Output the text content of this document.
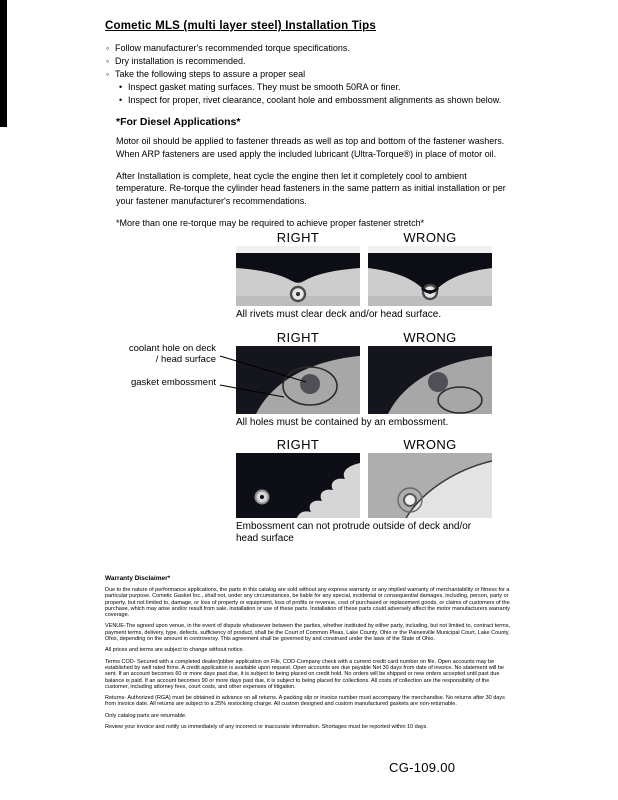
Cometic MLS (multi layer steel) Installation Tips
◦ Follow manufacturer's recommended torque specifications.
◦ Dry installation is recommended.
◦ Take the following steps to assure a proper seal
• Inspect gasket mating surfaces. They must be smooth 50RA or finer.
• Inspect for proper, rivet clearance, coolant hole and embossment alignments as shown below.
*For Diesel Applications*

Motor oil should be applied to fastener threads as well as top and bottom of the fastener washers. When ARP fasteners are used apply the included lubricant (Ultra-Torque®) in place of motor oil.

After Installation is complete, heat cycle the engine then let it completely cool to ambient temperature. Re-torque the cylinder head fasteners in the same pattern as initial installation or per your fastener manufacturer's recommendations.

*More than one re-torque may be required to achieve proper fastener stretch*

RIGHT	WRONG
All rivets must clear deck and/or head surface.
RIGHT	WRONG
All holes must be contained by an embossment.
RIGHT	WRONG
Embossment can not protrude outside of deck and/or head surface
coolant hole on deck / head surface
gasket embossment
Warranty Disclaimer*

Due to the nature of performance applications, the parts in this catalog are sold without any express warranty or any implied warranty of merchantability or fitness for a particular purpose. Cometic Gasket Inc., shall not, under any circumstances, be liable for any special, incidental or consequential damages, including, person, party or property, but not limited to, damage, or loss of property or equipment, loss of profits or revenue, cost of purchased or replacement goods, or claims of customers of the purchase, which may arise and/or result from sale, installation or use of these parts. Installation of these parts could adversely affect the motor manufacturers warranty coverage.

VENUE-The agreed upon venue, in the event of dispute whatsoever between the parties, whether instituted by either party, including, but not limited to, contract terms, payment terms, delivery, type, defects, sufficiency of product, shall be the Court of Common Pleas, Lake County, Ohio or the Painesville Municipal Court, Lake County, Ohio, depending on the amount in controversy. This agreement shall be governed by and construed under the laws of the State of Ohio.

All prices and terms are subject to change without notice.

Terms COD- Secured with a completed dealer/jobber application on File, COD-Company check with a current credit card number on file. Open accounts may be established by well rated firms. A credit application is available upon request. Open accounts are due payable Net 30 days from date of invoice. No statement will be sent. If an account becomes 60 or more days past due, it is subject to being placed on credit hold. No orders will be shipped or new orders accepted until past due balance is paid. If an account becomes 90 or more days past due, it is subject to being placed for collections. All costs of collection are the responsibility of the customer, including attorney fees, court costs, and other expenses of litigation.

Returns- Authorized (RGA) must be obtained in advance on all returns. A packing slip or invoice number must accompany the merchandise. No returns after 30 days from invoice date. All returns are subject to a 25% restocking charge. All custom designed and custom manufactured gaskets are non-returnable.

Only catalog parts are returnable.

Review your invoice and notify us immediately of any incorrect or inaccurate information. Shortages must be reported within 10 days.

CG-109.00
